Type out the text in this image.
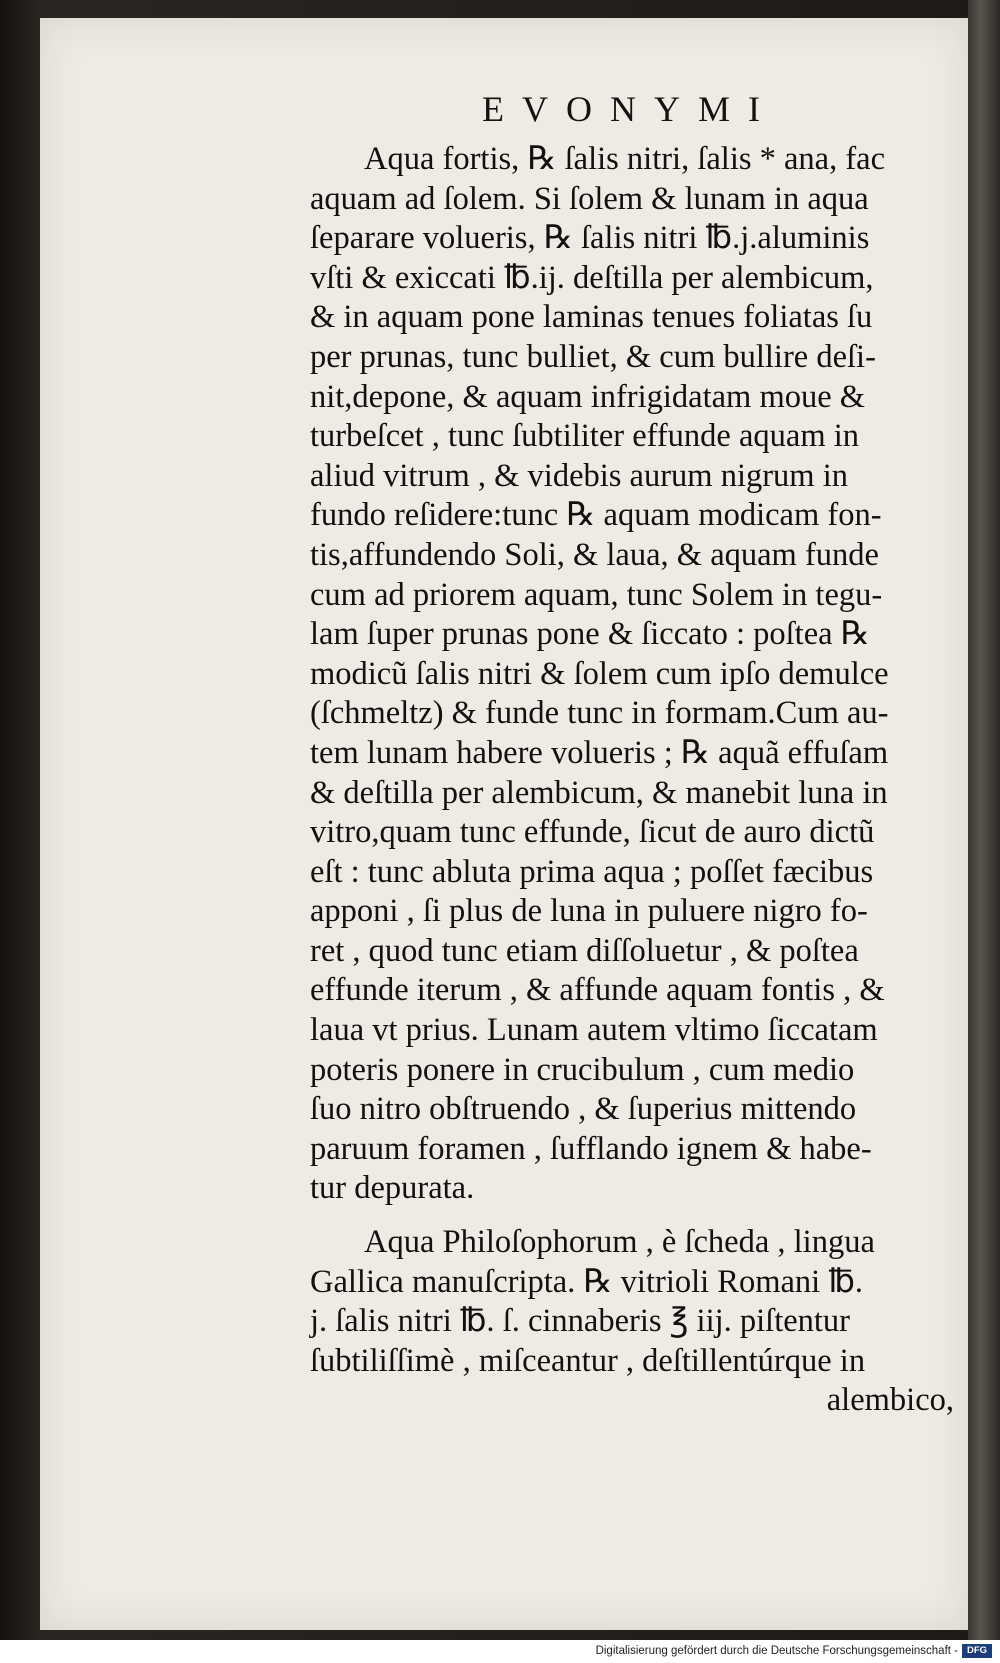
EVONYMI
Aqua fortis, ℞ ſalis nitri, ſalis * ana, fac
aquam ad ſolem. Si ſolem & lunam in aqua
ſeparare volueris, ℞ ſalis nitri ℔.j.aluminis
vſti & exiccati ℔.ij. deſtilla per alembicum,
& in aquam pone laminas tenues foliatas ſu
per prunas, tunc bulliet, & cum bullire deſi-
nit,depone, & aquam infrigidatam moue &
turbeſcet , tunc ſubtiliter effunde aquam in
aliud vitrum , & videbis aurum nigrum in
fundo reſidere:tunc ℞ aquam modicam fon-
tis,affundendo Soli, & laua, & aquam funde
cum ad priorem aquam, tunc Solem in tegu-
lam ſuper prunas pone & ſiccato : poſtea ℞
modicũ ſalis nitri & ſolem cum ipſo demulce
(ſchmeltz) & funde tunc in formam.Cum au-
tem lunam habere volueris ; ℞ aquã effuſam
& deſtilla per alembicum, & manebit luna in
vitro,quam tunc effunde, ſicut de auro dictũ
eſt : tunc abluta prima aqua ; poſſet fæcibus
apponi , ſi plus de luna in puluere nigro fo-
ret , quod tunc etiam diſſoluetur , & poſtea
effunde iterum , & affunde aquam fontis , &
laua vt prius. Lunam autem vltimo ſiccatam
poteris ponere in crucibulum , cum medio
ſuo nitro obſtruendo , & ſuperius mittendo
paruum foramen , ſufflando ignem & habe-
tur depurata.
Aqua Philoſophorum , è ſcheda , lingua
Gallica manuſcripta. ℞ vitrioli Romani ℔.
j. ſalis nitri ℔. ſ. cinnaberis ℥ iij. piſtentur
ſubtiliſſimè , miſceantur , deſtillentúrque in
alembico,
Digitalisierung gefördert durch die Deutsche Forschungsgemeinschaft - DFG
